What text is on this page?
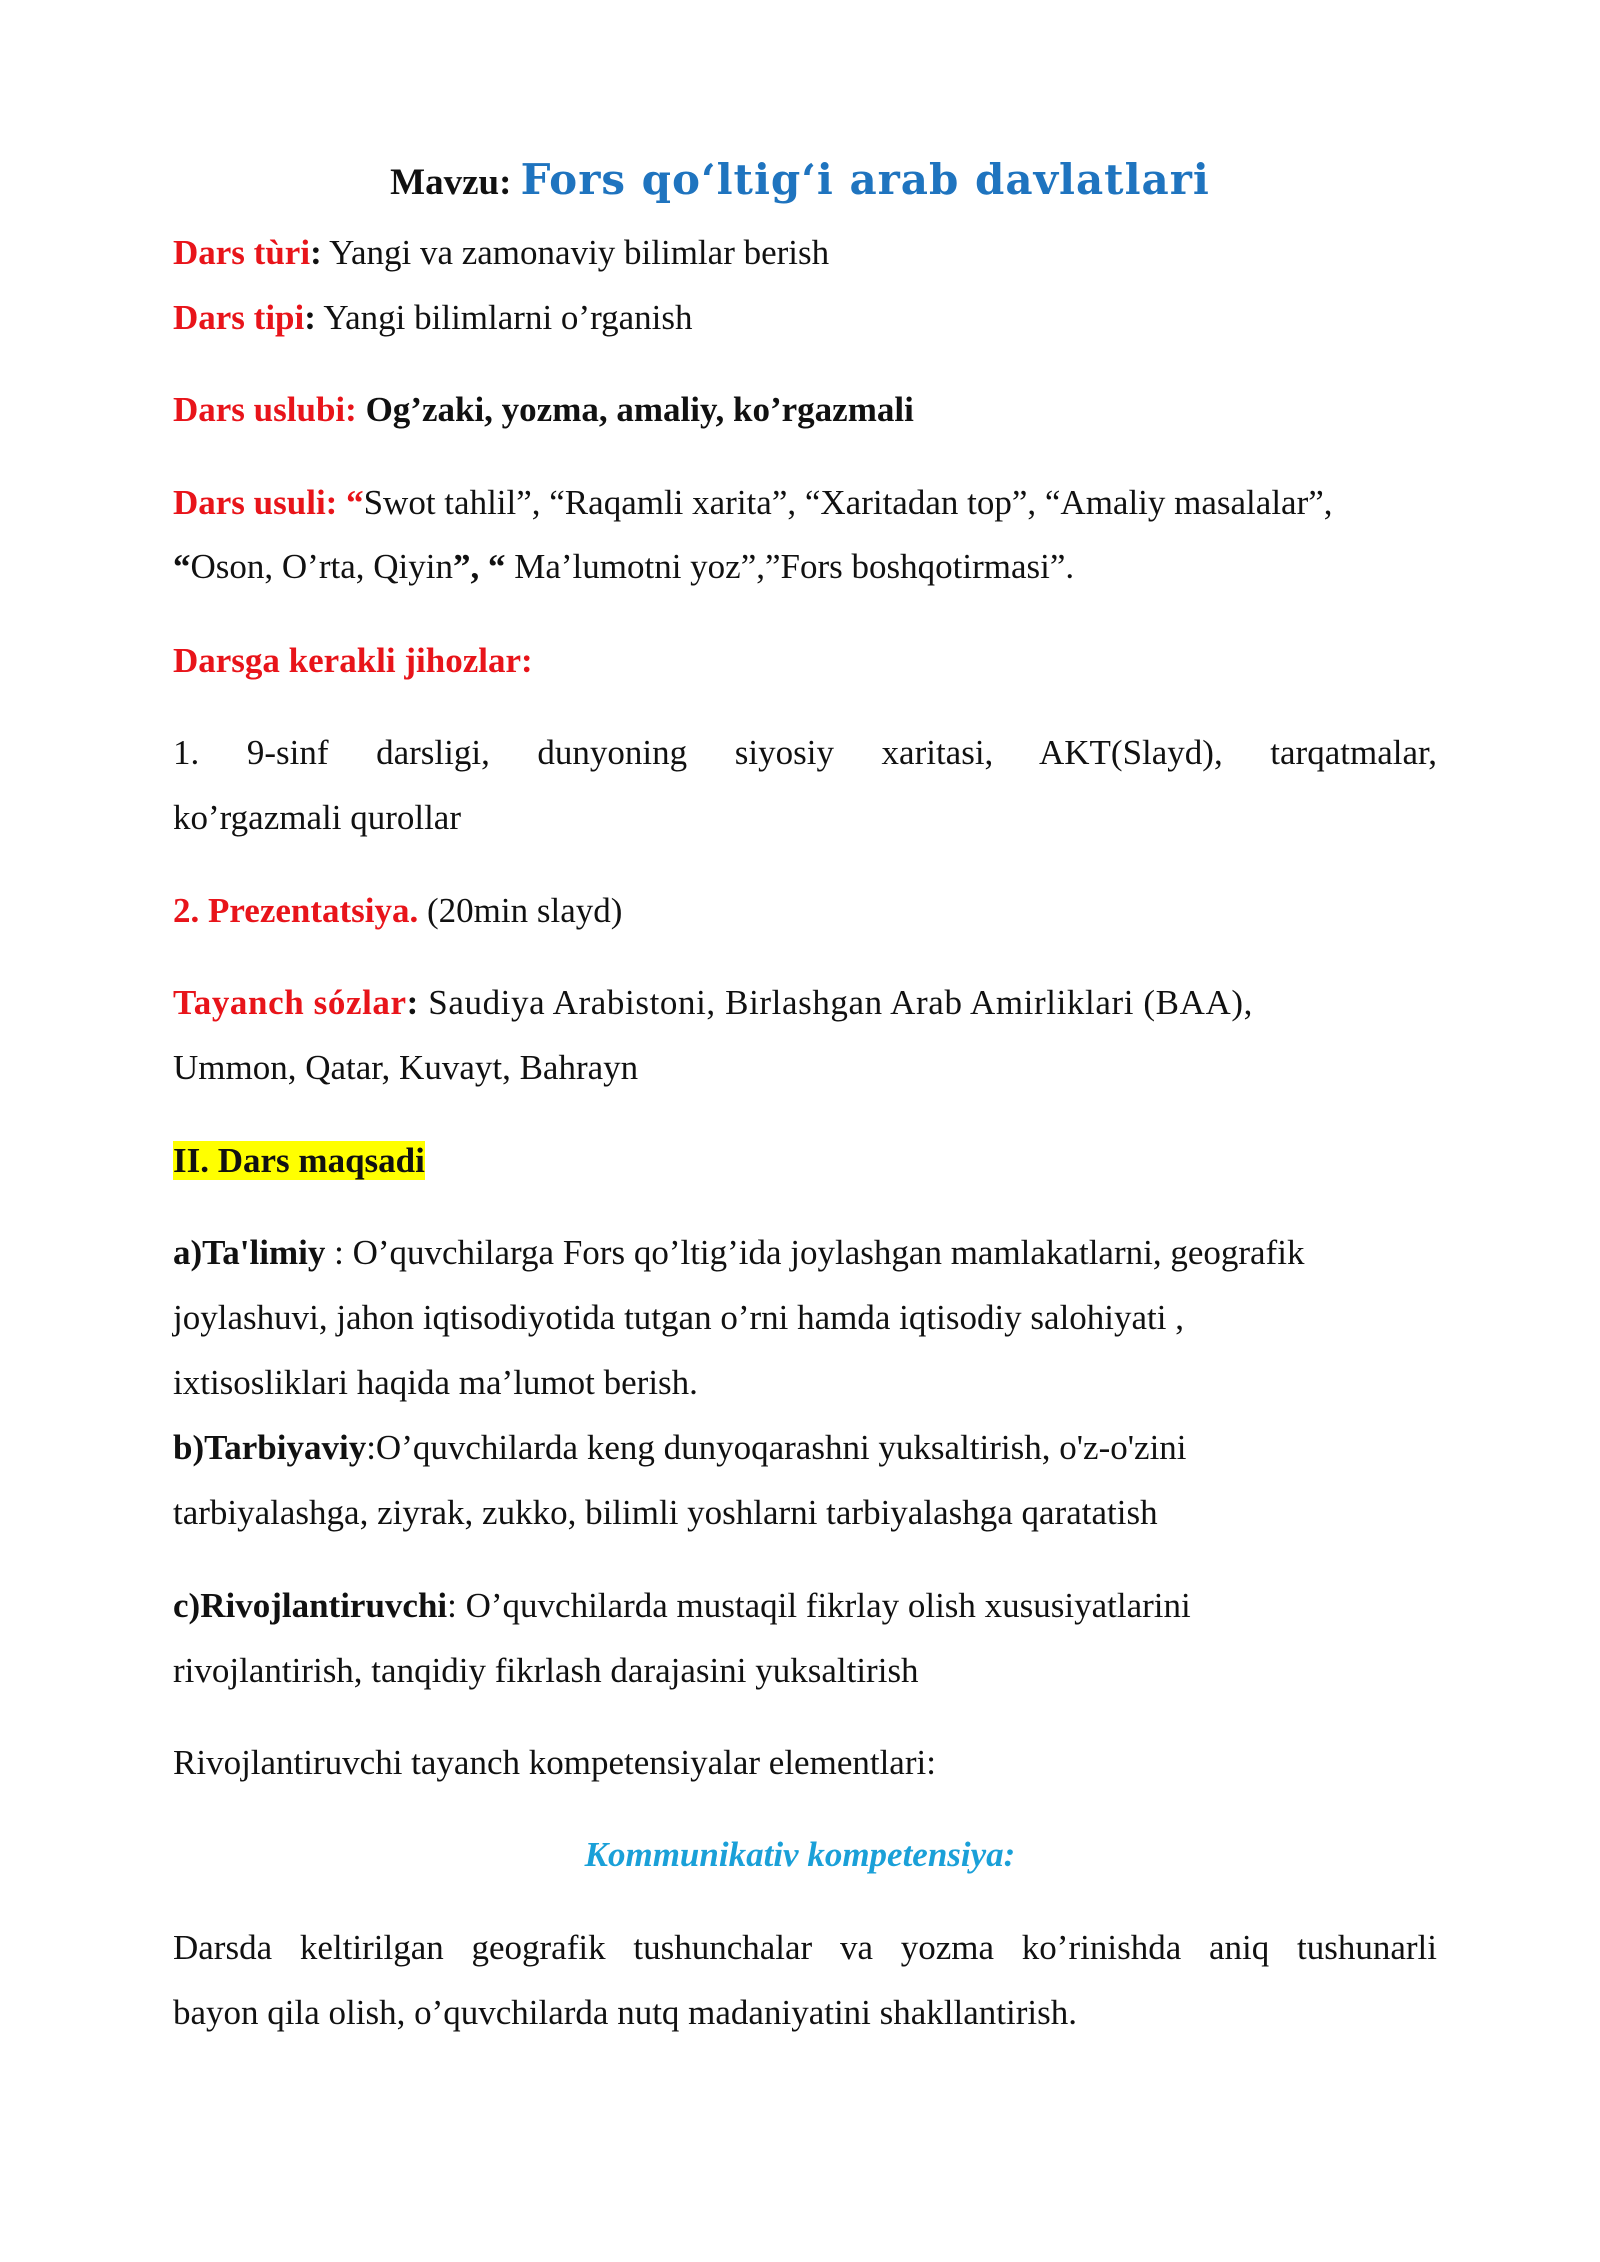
Mavzu: Fors qo‘ltig‘i arab davlatlari
Dars tùri: Yangi va zamonaviy bilimlar berish
Dars tipi: Yangi bilimlarni o’rganish
Dars uslubi: Og’zaki, yozma, amaliy, ko’rgazmali
Dars usuli: “Swot tahlil”, “Raqamli xarita”, “Xaritadan top”, “Amaliy masalalar”,
“Oson, O’rta, Qiyin”, “ Ma’lumotni yoz”,”Fors boshqotirmasi”.
Darsga kerakli jihozlar:
1. 9-sinf darsligi, dunyoning siyosiy xaritasi, AKT(Slayd), tarqatmalar,
ko’rgazmali qurollar
2. Prezentatsiya. (20min slayd)
Tayanch sózlar: Saudiya Arabistoni, Birlashgan Arab Amirliklari (BAA),
Ummon, Qatar, Kuvayt, Bahrayn
II. Dars maqsadi
a)Ta'limiy : O’quvchilarga Fors qo’ltig’ida joylashgan mamlakatlarni, geografik
joylashuvi, jahon iqtisodiyotida tutgan o’rni hamda iqtisodiy salohiyati ,
ixtisosliklari haqida ma’lumot berish.
b)Tarbiyaviy:O’quvchilarda keng dunyoqarashni yuksaltirish, o'z-o'zini
tarbiyalashga, ziyrak, zukko, bilimli yoshlarni tarbiyalashga qaratatish
c)Rivojlantiruvchi: O’quvchilarda mustaqil fikrlay olish xususiyatlarini
rivojlantirish, tanqidiy fikrlash darajasini yuksaltirish
Rivojlantiruvchi tayanch kompetensiyalar elementlari:
Kommunikativ kompetensiya:
Darsda keltirilgan geografik tushunchalar va yozma ko’rinishda aniq tushunarli
bayon qila olish, o’quvchilarda nutq madaniyatini shakllantirish.
